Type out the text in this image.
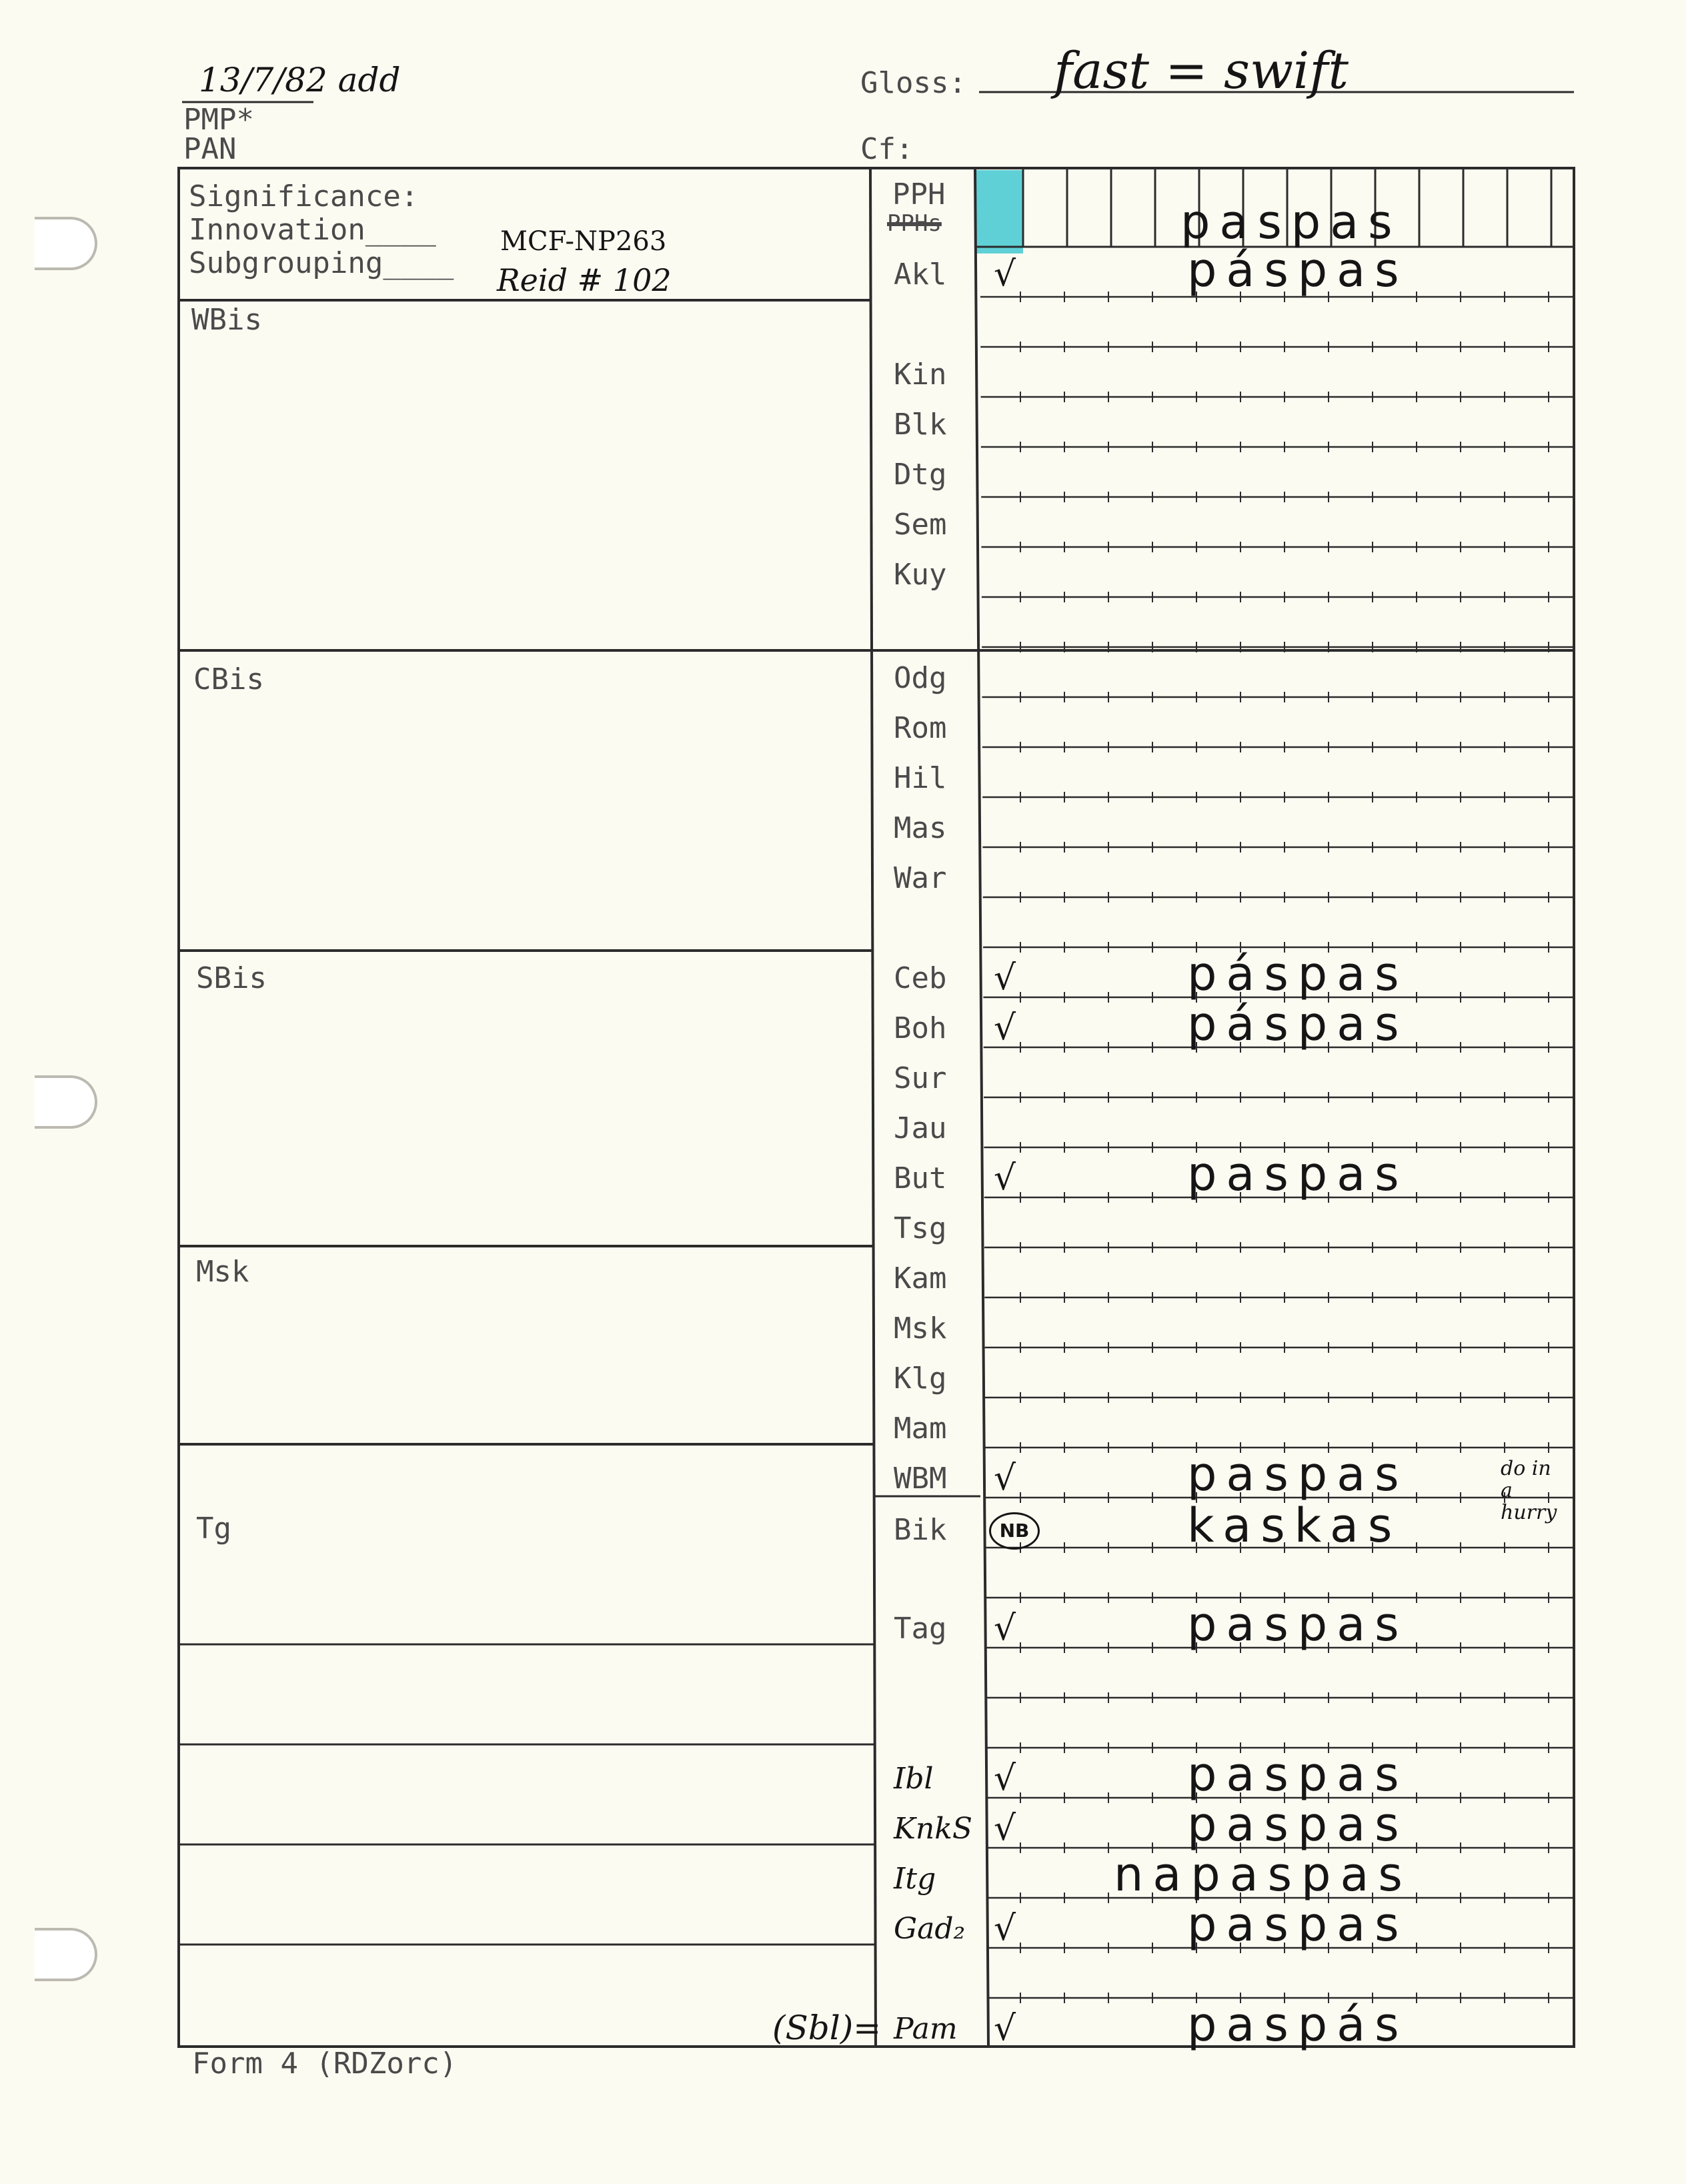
13/7/82 add
PMP*
PAN
Gloss: fast = swift
Cf:
Significance:
Innovation____
Subgrouping____
MCF-NP263
Reid # 102
WBis
CBis
SBis
Msk
Tg
PPH
PPHs	paspas
Akl √	páspas
Kin
Blk
Dtg
Sem
Kuy
Odg
Rom
Hil
Mas
War
Ceb √	páspas
Boh √	páspas
Sur
Jau
But √	paspas
Tsg
Kam
Msk
Klg
Mam
WBM √	paspas	do in a hurry
Bik	NB	kaskas
Tag √	paspas
Ibl √	paspas
KnkS √	paspas
Itg	napaspas
Gad₂ √	paspas
Pam √	paspás
(Sbl)=
Form 4 (RDZorc)
